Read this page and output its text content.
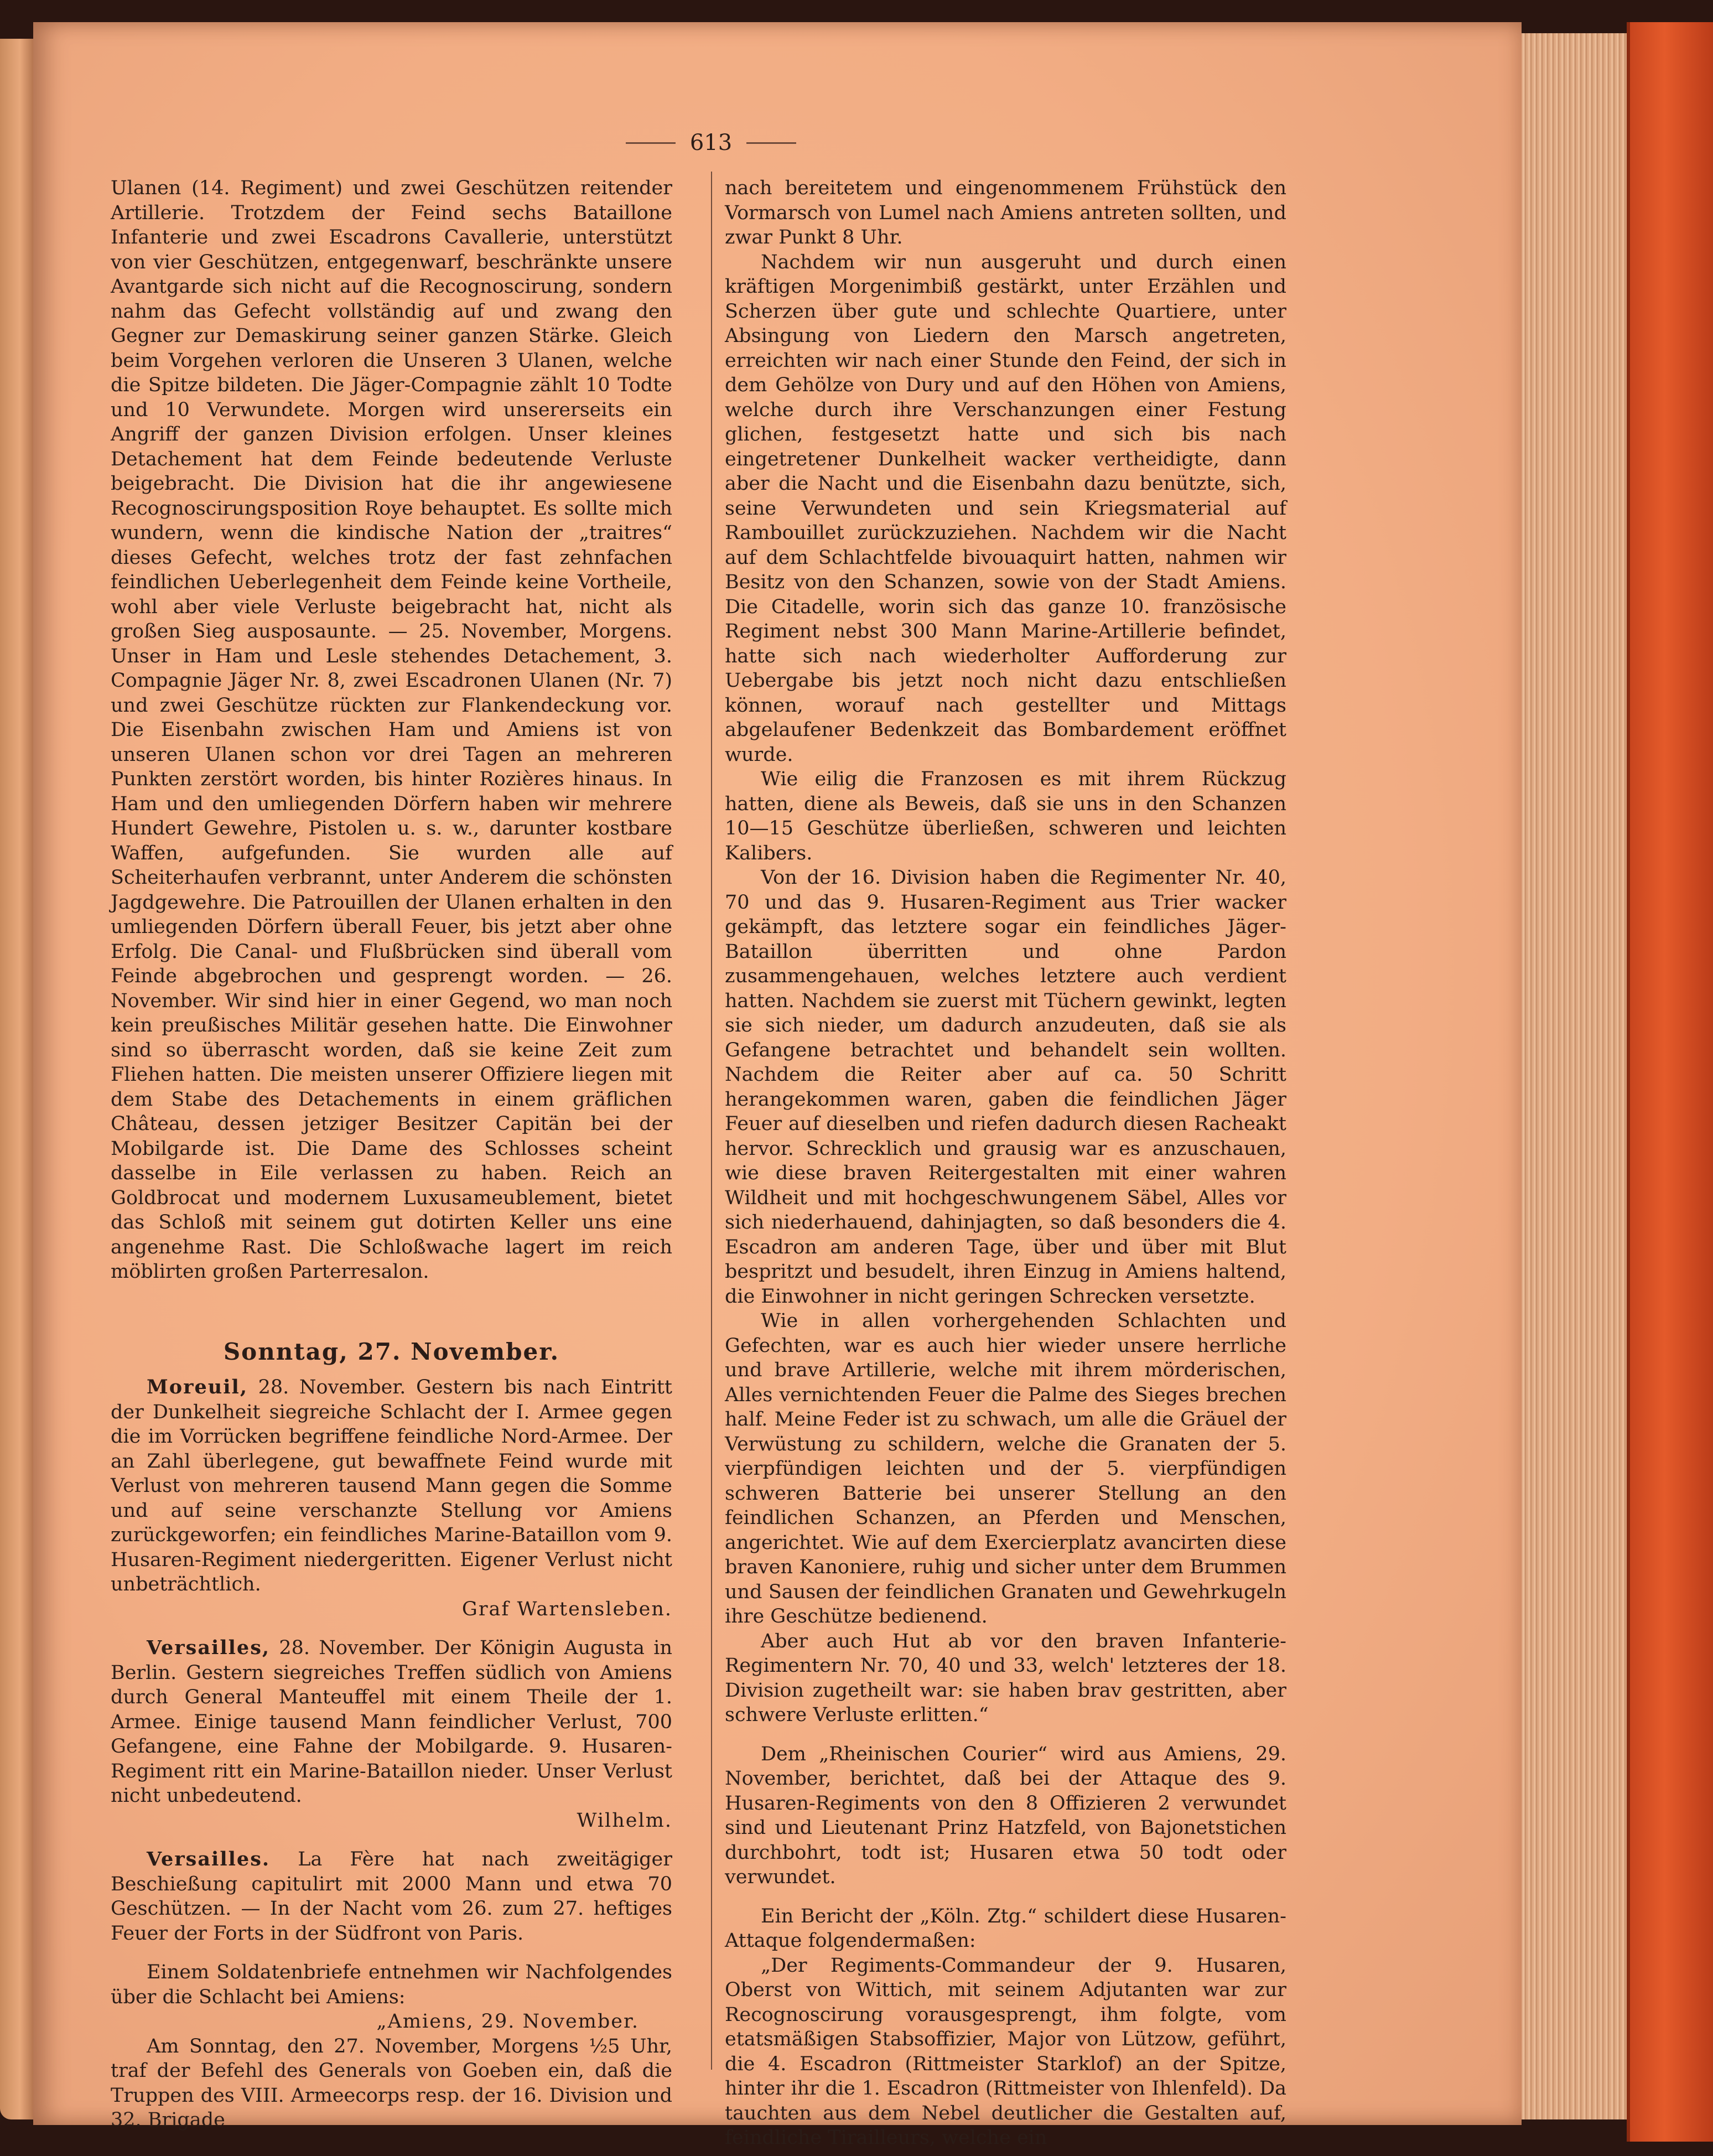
613

Ulanen (14. Regiment) und zwei Geschützen reitender Artillerie. Trotzdem der Feind sechs Bataillone Infanterie und zwei Escadrons Cavallerie, unterstützt von vier Geschützen, entgegenwarf, beschränkte unsere Avantgarde sich nicht auf die Recognoscirung, sondern nahm das Gefecht vollständig auf und zwang den Gegner zur Demaskirung seiner ganzen Stärke. Gleich beim Vorgehen verloren die Unseren 3 Ulanen, welche die Spitze bildeten. Die Jäger-Compagnie zählt 10 Todte und 10 Verwundete. Morgen wird unsererseits ein Angriff der ganzen Division erfolgen. Unser kleines Detachement hat dem Feinde bedeutende Verluste beigebracht. Die Division hat die ihr angewiesene Recognoscirungsposition Roye behauptet. Es sollte mich wundern, wenn die kindische Nation der „traitres“ dieses Gefecht, welches trotz der fast zehnfachen feindlichen Ueberlegenheit dem Feinde keine Vortheile, wohl aber viele Verluste beigebracht hat, nicht als großen Sieg ausposaunte. — 25. November, Morgens. Unser in Ham und Lesle stehendes Detachement, 3. Compagnie Jäger Nr. 8, zwei Escadronen Ulanen (Nr. 7) und zwei Geschütze rückten zur Flankendeckung vor. Die Eisenbahn zwischen Ham und Amiens ist von unseren Ulanen schon vor drei Tagen an mehreren Punkten zerstört worden, bis hinter Rozières hinaus. In Ham und den umliegenden Dörfern haben wir mehrere Hundert Gewehre, Pistolen u. s. w., darunter kostbare Waffen, aufgefunden. Sie wurden alle auf Scheiterhaufen verbrannt, unter Anderem die schönsten Jagdgewehre. Die Patrouillen der Ulanen erhalten in den umliegenden Dörfern überall Feuer, bis jetzt aber ohne Erfolg. Die Canal- und Flußbrücken sind überall vom Feinde abgebrochen und gesprengt worden. — 26. November. Wir sind hier in einer Gegend, wo man noch kein preußisches Militär gesehen hatte. Die Einwohner sind so überrascht worden, daß sie keine Zeit zum Fliehen hatten. Die meisten unserer Offiziere liegen mit dem Stabe des Detachements in einem gräflichen Château, dessen jetziger Besitzer Capitän bei der Mobilgarde ist. Die Dame des Schlosses scheint dasselbe in Eile verlassen zu haben. Reich an Goldbrocat und modernem Luxusameublement, bietet das Schloß mit seinem gut dotirten Keller uns eine angenehme Rast. Die Schloßwache lagert im reich möblirten großen Parterresalon.

Sonntag, 27. November.

Moreuil, 28. November. Gestern bis nach Eintritt der Dunkelheit siegreiche Schlacht der I. Armee gegen die im Vorrücken begriffene feindliche Nord-Armee. Der an Zahl überlegene, gut bewaffnete Feind wurde mit Verlust von mehreren tausend Mann gegen die Somme und auf seine verschanzte Stellung vor Amiens zurückgeworfen; ein feindliches Marine-Bataillon vom 9. Husaren-Regiment niedergeritten. Eigener Verlust nicht unbeträchtlich.

Graf Wartensleben.

Versailles, 28. November. Der Königin Augusta in Berlin. Gestern siegreiches Treffen südlich von Amiens durch General Manteuffel mit einem Theile der 1. Armee. Einige tausend Mann feindlicher Verlust, 700 Gefangene, eine Fahne der Mobilgarde. 9. Husaren-Regiment ritt ein Marine-Bataillon nieder. Unser Verlust nicht unbedeutend.

Wilhelm.

Versailles. La Fère hat nach zweitägiger Beschießung capitulirt mit 2000 Mann und etwa 70 Geschützen. — In der Nacht vom 26. zum 27. heftiges Feuer der Forts in der Südfront von Paris.

Einem Soldatenbriefe entnehmen wir Nachfolgendes über die Schlacht bei Amiens:

„Amiens, 29. November.

Am Sonntag, den 27. November, Morgens ½5 Uhr, traf der Befehl des Generals von Goeben ein, daß die Truppen des VIII. Armeecorps resp. der 16. Division und 32. Brigade

nach bereitetem und eingenommenem Frühstück den Vormarsch von Lumel nach Amiens antreten sollten, und zwar Punkt 8 Uhr.

Nachdem wir nun ausgeruht und durch einen kräftigen Morgenimbiß gestärkt, unter Erzählen und Scherzen über gute und schlechte Quartiere, unter Absingung von Liedern den Marsch angetreten, erreichten wir nach einer Stunde den Feind, der sich in dem Gehölze von Dury und auf den Höhen von Amiens, welche durch ihre Verschanzungen einer Festung glichen, festgesetzt hatte und sich bis nach eingetretener Dunkelheit wacker vertheidigte, dann aber die Nacht und die Eisenbahn dazu benützte, sich, seine Verwundeten und sein Kriegsmaterial auf Rambouillet zurückzuziehen. Nachdem wir die Nacht auf dem Schlachtfelde bivouaquirt hatten, nahmen wir Besitz von den Schanzen, sowie von der Stadt Amiens. Die Citadelle, worin sich das ganze 10. französische Regiment nebst 300 Mann Marine-Artillerie befindet, hatte sich nach wiederholter Aufforderung zur Uebergabe bis jetzt noch nicht dazu entschließen können, worauf nach gestellter und Mittags abgelaufener Bedenkzeit das Bombardement eröffnet wurde.

Wie eilig die Franzosen es mit ihrem Rückzug hatten, diene als Beweis, daß sie uns in den Schanzen 10—15 Geschütze überließen, schweren und leichten Kalibers.

Von der 16. Division haben die Regimenter Nr. 40, 70 und das 9. Husaren-Regiment aus Trier wacker gekämpft, das letztere sogar ein feindliches Jäger-Bataillon überritten und ohne Pardon zusammengehauen, welches letztere auch verdient hatten. Nachdem sie zuerst mit Tüchern gewinkt, legten sie sich nieder, um dadurch anzudeuten, daß sie als Gefangene betrachtet und behandelt sein wollten. Nachdem die Reiter aber auf ca. 50 Schritt herangekommen waren, gaben die feindlichen Jäger Feuer auf dieselben und riefen dadurch diesen Racheakt hervor. Schrecklich und grausig war es anzuschauen, wie diese braven Reitergestalten mit einer wahren Wildheit und mit hochgeschwungenem Säbel, Alles vor sich niederhauend, dahinjagten, so daß besonders die 4. Escadron am anderen Tage, über und über mit Blut bespritzt und besudelt, ihren Einzug in Amiens haltend, die Einwohner in nicht geringen Schrecken versetzte.

Wie in allen vorhergehenden Schlachten und Gefechten, war es auch hier wieder unsere herrliche und brave Artillerie, welche mit ihrem mörderischen, Alles vernichtenden Feuer die Palme des Sieges brechen half. Meine Feder ist zu schwach, um alle die Gräuel der Verwüstung zu schildern, welche die Granaten der 5. vierpfündigen leichten und der 5. vierpfündigen schweren Batterie bei unserer Stellung an den feindlichen Schanzen, an Pferden und Menschen, angerichtet. Wie auf dem Exercierplatz avancirten diese braven Kanoniere, ruhig und sicher unter dem Brummen und Sausen der feindlichen Granaten und Gewehrkugeln ihre Geschütze bedienend.

Aber auch Hut ab vor den braven Infanterie-Regimentern Nr. 70, 40 und 33, welch' letzteres der 18. Division zugetheilt war: sie haben brav gestritten, aber schwere Verluste erlitten.“

Dem „Rheinischen Courier“ wird aus Amiens, 29. November, berichtet, daß bei der Attaque des 9. Husaren-Regiments von den 8 Offizieren 2 verwundet sind und Lieutenant Prinz Hatzfeld, von Bajonetstichen durchbohrt, todt ist; Husaren etwa 50 todt oder verwundet.

Ein Bericht der „Köln. Ztg.“ schildert diese Husaren-Attaque folgendermaßen:

„Der Regiments-Commandeur der 9. Husaren, Oberst von Wittich, mit seinem Adjutanten war zur Recognoscirung vorausgesprengt, ihm folgte, vom etatsmäßigen Stabsoffizier, Major von Lützow, geführt, die 4. Escadron (Rittmeister Starklof) an der Spitze, hinter ihr die 1. Escadron (Rittmeister von Ihlenfeld). Da tauchten aus dem Nebel deutlicher die Gestalten auf, feindliche Tirailleurs, welche ein
